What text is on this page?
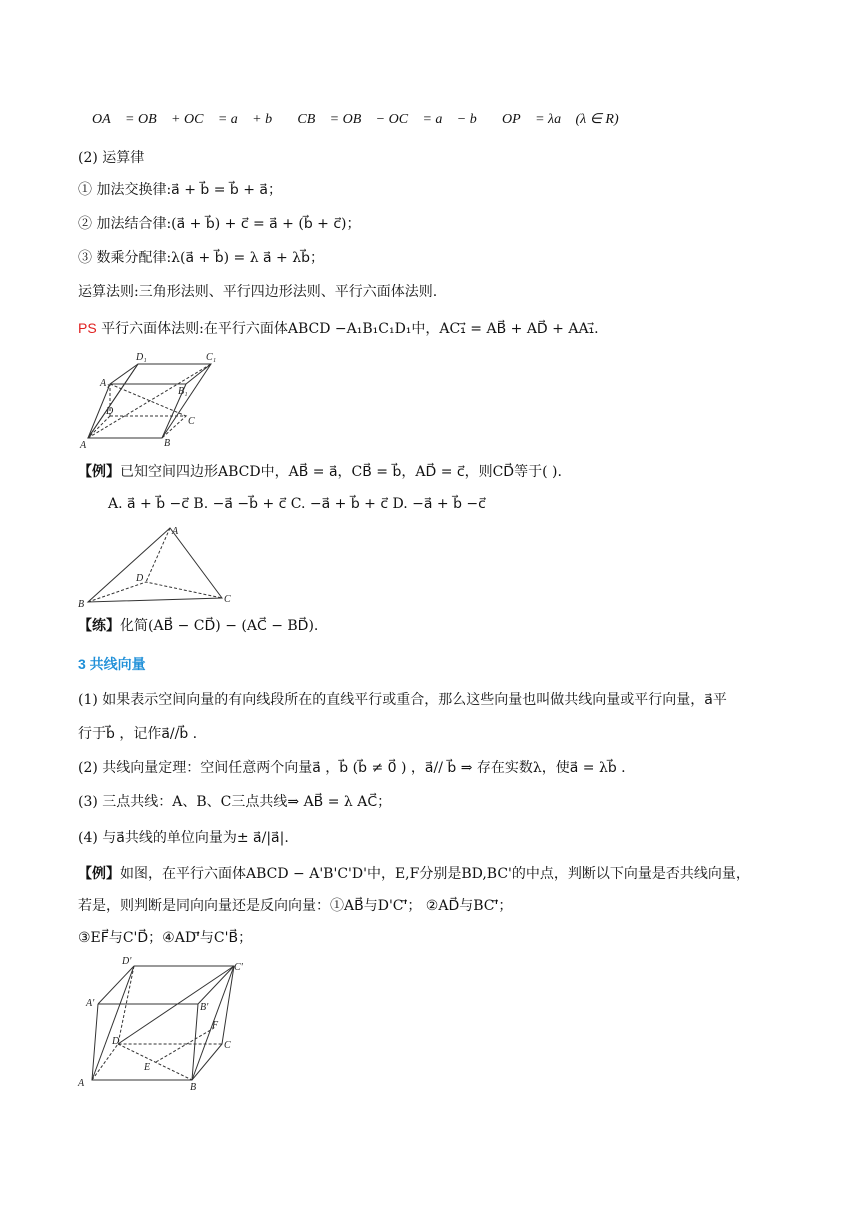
OA⃗ = OB⃗ + OC⃗ = a⃗ + b⃗， CB⃗ = OB⃗ − OC⃗ = a⃗ − b⃗， OP⃗ = λa⃗ (λ ∈ R)
(2) 运算律
① 加法交换律:a⃗ + b⃗ = b⃗ + a⃗；
② 加法结合律:(a⃗ + b⃗) + c⃗ = a⃗ + (b⃗ + c⃗)；
③ 数乘分配律:λ(a⃗ + b⃗) = λ a⃗ + λb⃗；
运算法则:三角形法则、平行四边形法则、平行六面体法则.
PS 平行六面体法则:在平行六面体ABCD −A₁B₁C₁D₁中，AC₁⃗ = AB⃗ + AD⃗ + AA₁⃗.
D₁	C₁
A₁
B₁
D
C
A	B
【例】已知空间四边形ABCD中，AB⃗ = a⃗，CB⃗ = b⃗，AD⃗ = c⃗，则CD⃗等于( ).
A. a⃗ + b⃗ −c⃗ B. −a⃗ −b⃗ + c⃗ C. −a⃗ + b⃗ + c⃗ D. −a⃗ + b⃗ −c⃗
A
D
B	C
【练】化简(AB⃗ − CD⃗) − (AC⃗ − BD⃗).
3 共线向量
(1) 如果表示空间向量的有向线段所在的直线平行或重合，那么这些向量也叫做共线向量或平行向量，a⃗平
行于b⃗ ，记作a⃗//b⃗ .
(2) 共线向量定理：空间任意两个向量a⃗ ，b⃗ (b⃗ ≠ 0⃗ ) ，a⃗// b⃗ ⇒ 存在实数λ，使a⃗ = λb⃗ .
(3) 三点共线：A、B、C三点共线⇒ AB⃗ = λ AC⃗；
(4) 与a⃗共线的单位向量为± a⃗/|a⃗|.
【例】如图，在平行六面体ABCD − A'B'C'D'中，E,F分别是BD,BC'的中点，判断以下向量是否共线向量，
若是，则判断是同向向量还是反向向量：①AB⃗与D'C'⃗； ②AD⃗与BC'⃗；
③EF⃗与C'D⃗；④AD'⃗与C'B⃗；
D'
C'
A'	B'
F
D	C
E
A	B
